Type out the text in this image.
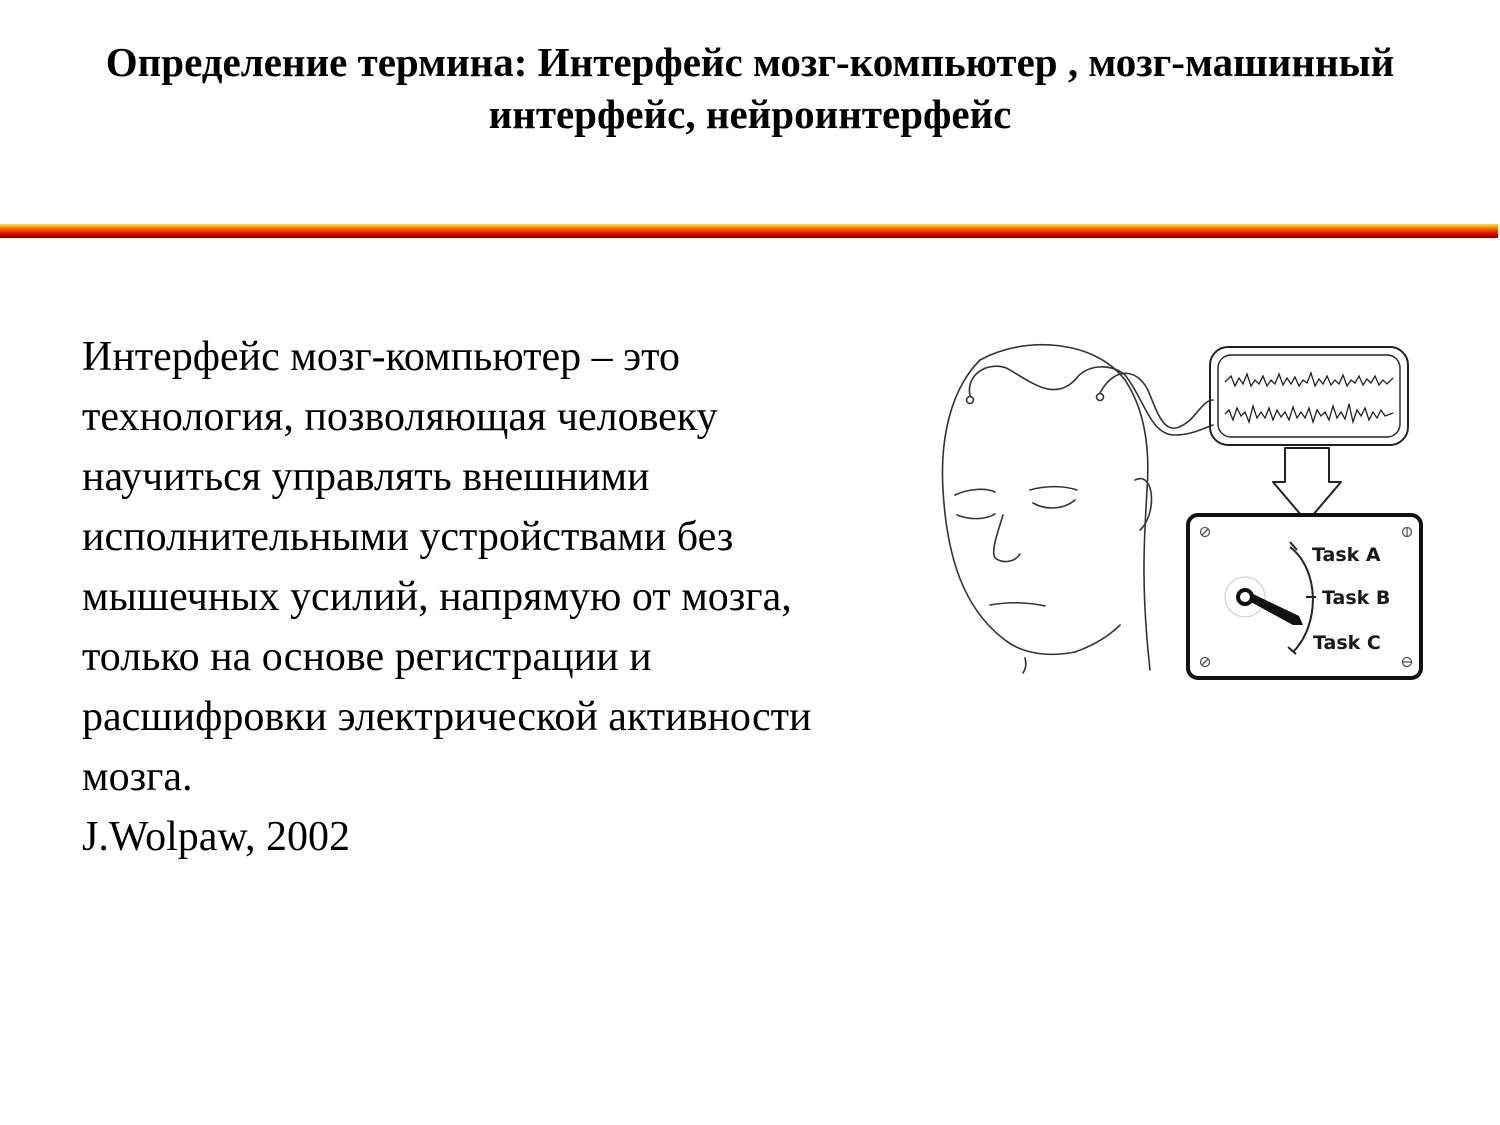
Определение термина: Интерфейс мозг-компьютер , мозг-машинный интерфейс, нейроинтерфейс

Интерфейс мозг-компьютер – это технология, позволяющая человеку научиться управлять внешними исполнительными устройствами без мышечных усилий, напрямую от мозга, только на основе регистрации и расшифровки электрической активности мозга.

J.Wolpaw, 2002

Task A
Task B
Task C
